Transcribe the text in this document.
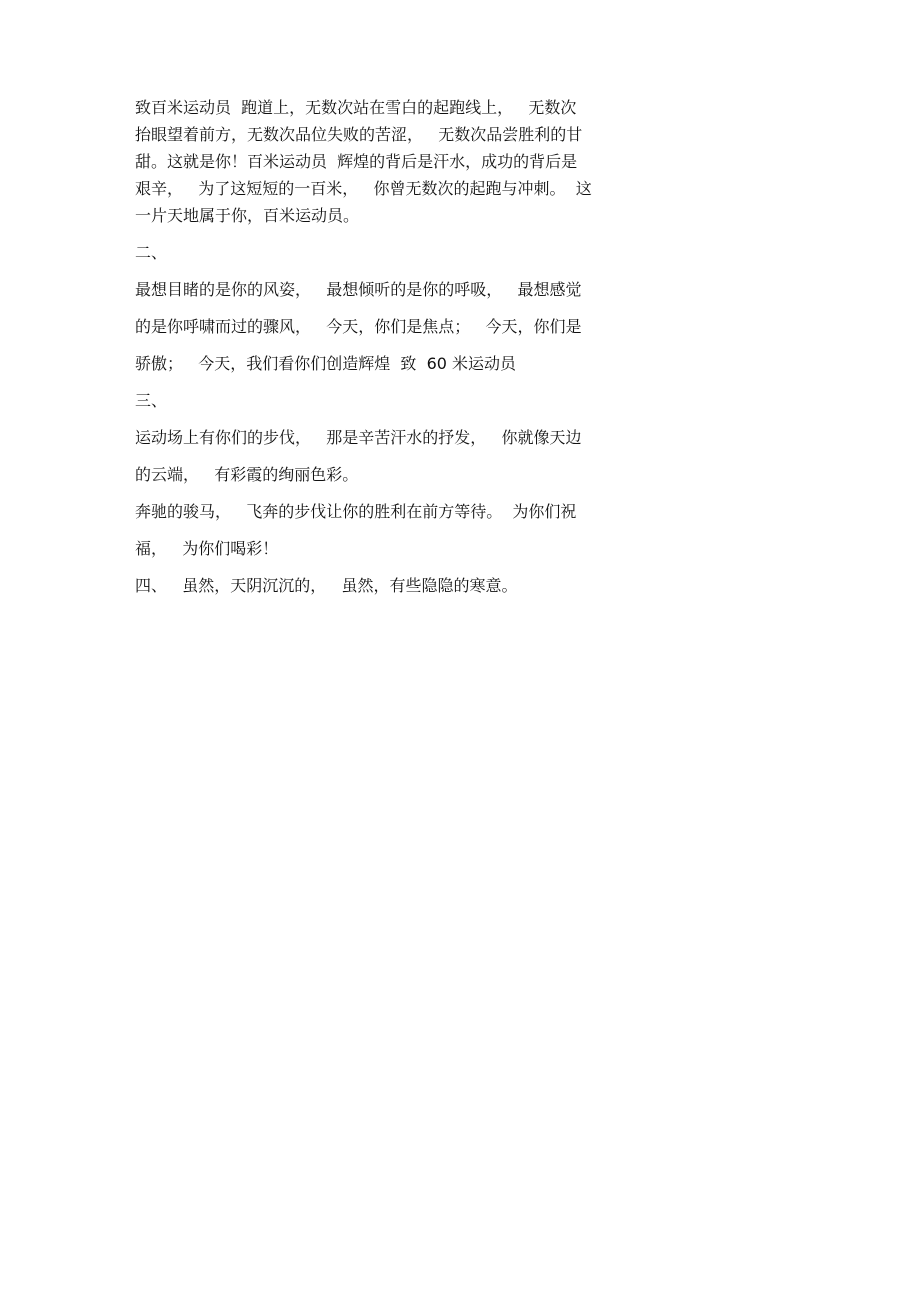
致百米运动员  跑道上，无数次站在雪白的起跑线上，   无数次

抬眼望着前方，无数次品位失败的苦涩，   无数次品尝胜利的甘

甜。这就是你！百米运动员  辉煌的背后是汗水，成功的背后是

艰辛，   为了这短短的一百米，   你曾无数次的起跑与冲刺。  这

一片天地属于你，百米运动员。

二、

最想目睹的是你的风姿，   最想倾听的是你的呼吸，   最想感觉

的是你呼啸而过的骤风，   今天，你们是焦点；   今天，你们是

骄傲；   今天，我们看你们创造辉煌  致  60 米运动员

三、

运动场上有你们的步伐，   那是辛苦汗水的抒发，   你就像天边

的云端，   有彩霞的绚丽色彩。

奔驰的骏马，   飞奔的步伐让你的胜利在前方等待。  为你们祝

福，   为你们喝彩！

四、   虽然，天阴沉沉的，   虽然，有些隐隐的寒意。
